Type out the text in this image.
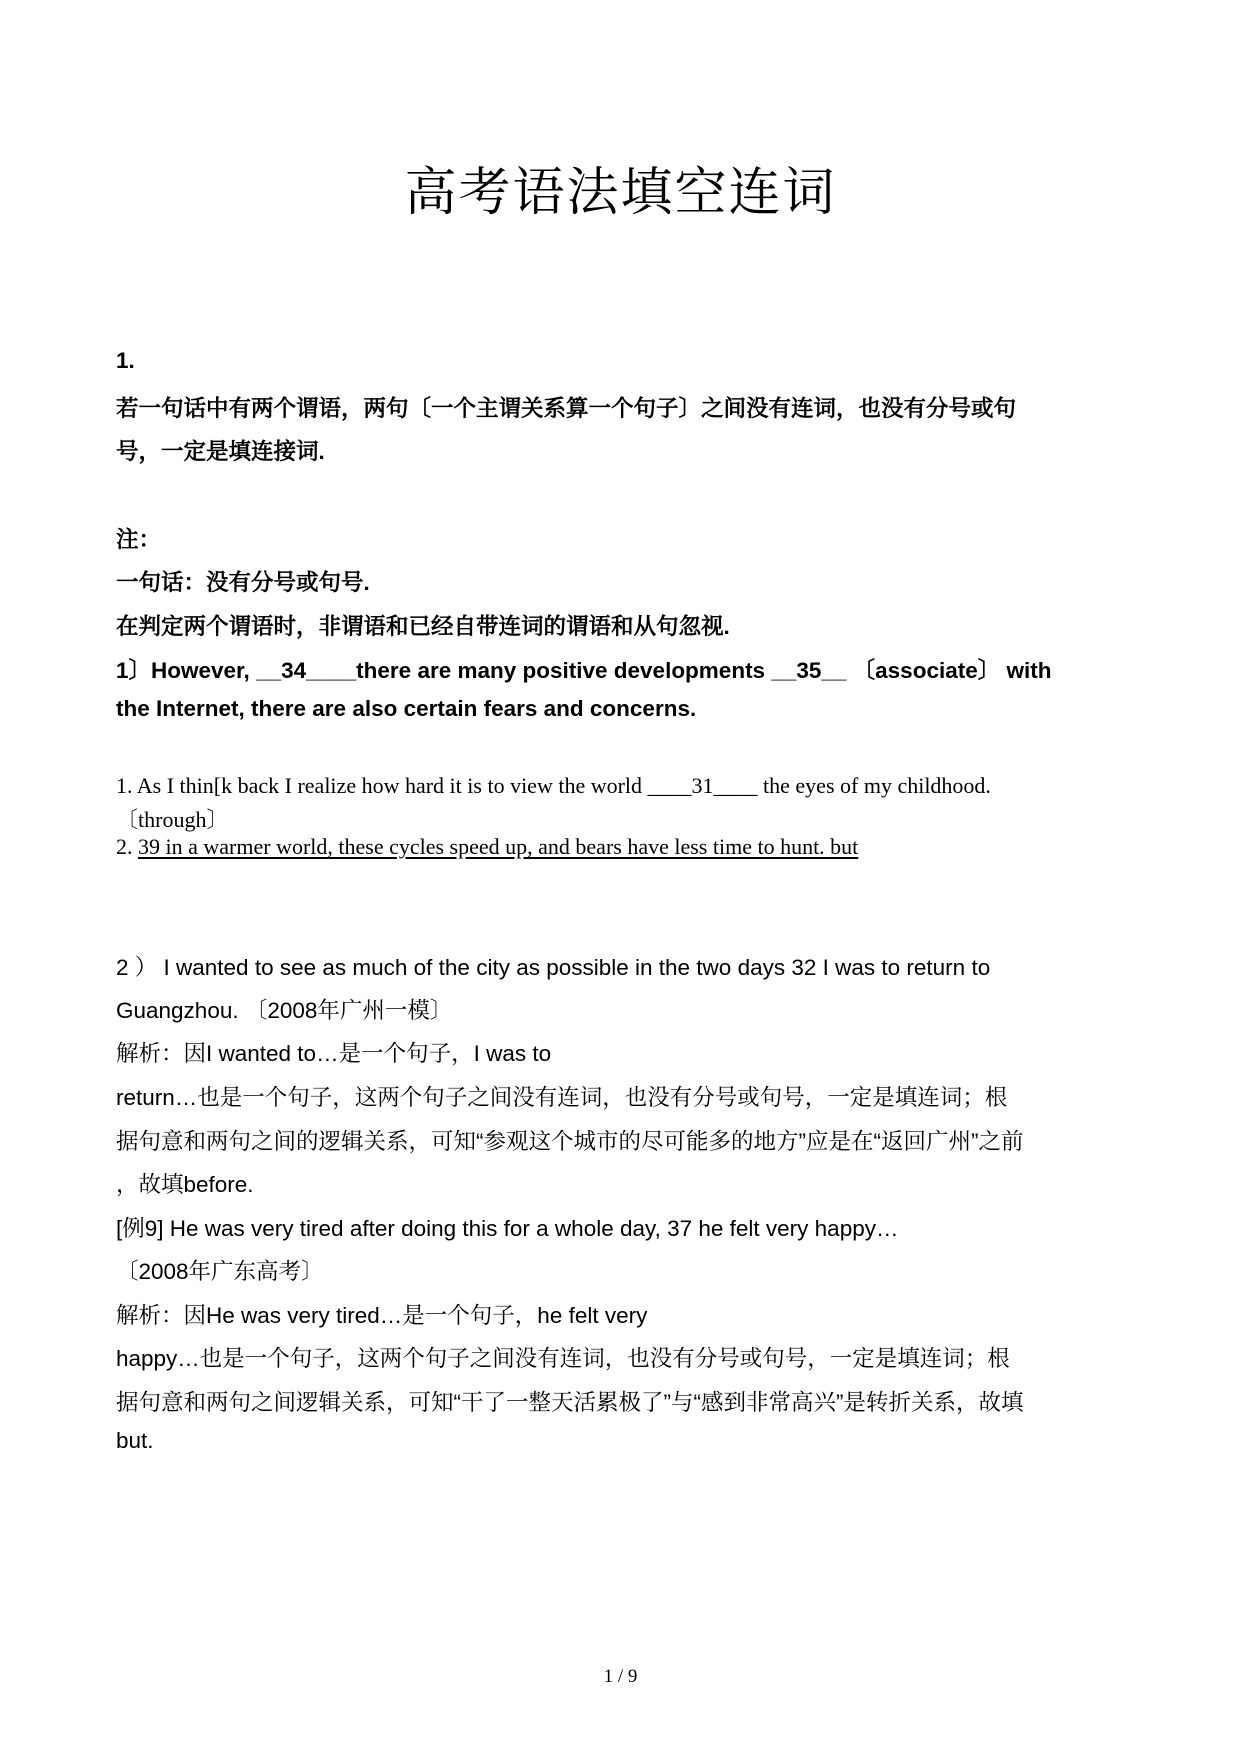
高考语法填空连词
1.
若一句话中有两个谓语，两句〔一个主谓关系算一个句子〕之间没有连词，也没有分号或句
号，一定是填连接词.
注：
一句话：没有分号或句号.
在判定两个谓语时，非谓语和已经自带连词的谓语和从句忽视.
1〕However, __34____there are many positive developments __35__ 〔associate〕 with
the Internet, there are also certain fears and concerns.
1. As I thin[k back I realize how hard it is to view the world ____31____ the eyes of my childhood.
〔through〕
2. 39 in a warmer world, these cycles speed up, and bears have less time to hunt. but
2 ） I wanted to see as much of the city as possible in the two days 32 I was to return to
Guangzhou. 〔2008年广州一模〕
解析：因I wanted to…是一个句子，I was to
return…也是一个句子，这两个句子之间没有连词，也没有分号或句号，一定是填连词；根
据句意和两句之间的逻辑关系，可知“参观这个城市的尽可能多的地方”应是在“返回广州”之前
，故填before.
[例9] He was very tired after doing this for a whole day, 37 he felt very happy…
〔2008年广东高考〕
解析：因He was very tired…是一个句子，he felt very
happy…也是一个句子，这两个句子之间没有连词，也没有分号或句号，一定是填连词；根
据句意和两句之间逻辑关系，可知“干了一整天活累极了”与“感到非常高兴”是转折关系，故填
but.
1 / 9
